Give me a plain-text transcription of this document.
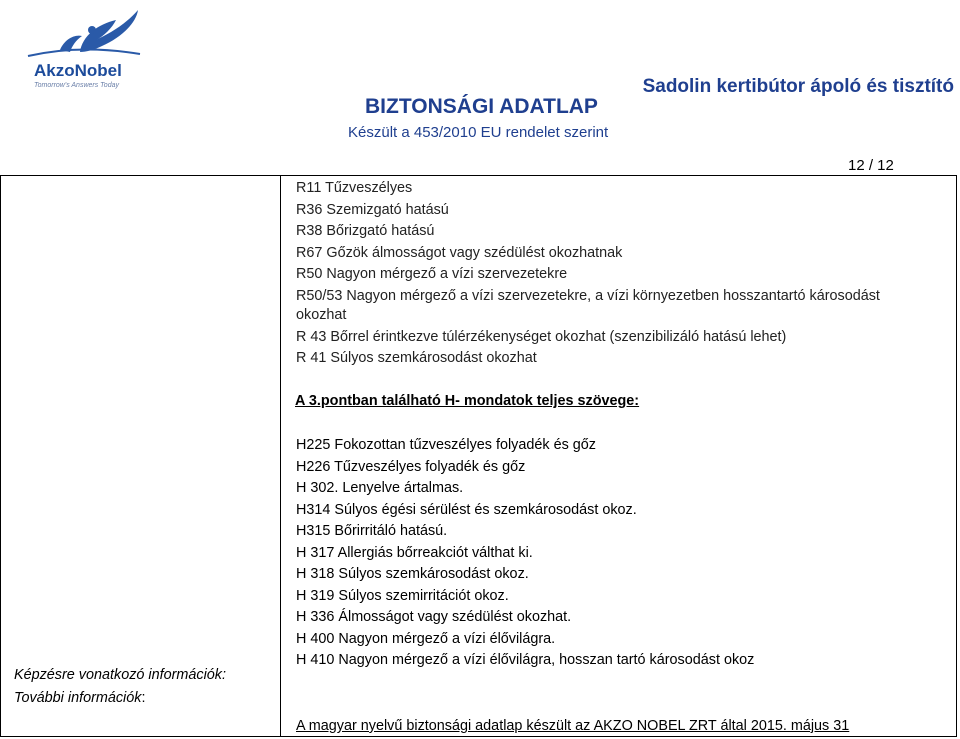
AkzoNobel
Tomorrow's Answers Today
BIZTONSÁGI ADATLAP
Készült a 453/2010 EU rendelet szerint
Sadolin kertibútor ápoló és tisztító
12 / 12
R11 Tűzveszélyes
R36 Szemizgató hatású
R38 Bőrizgató hatású
R67 Gőzök álmosságot vagy szédülést okozhatnak
R50 Nagyon mérgező a vízi szervezetekre
R50/53 Nagyon mérgező a vízi szervezetekre, a vízi környezetben hosszantartó károsodást
okozhat
R 43 Bőrrel érintkezve túlérzékenységet okozhat (szenzibilizáló hatású lehet)
R 41 Súlyos szemkárosodást okozhat
A 3.pontban található H- mondatok teljes szövege:
H225 Fokozottan tűzveszélyes folyadék és gőz
H226 Tűzveszélyes folyadék és gőz
H 302. Lenyelve ártalmas.
H314 Súlyos égési sérülést és szemkárosodást okoz.
H315 Bőrirritáló hatású.
H 317 Allergiás bőrreakciót válthat ki.
H 318 Súlyos szemkárosodást okoz.
H 319 Súlyos szemirritációt okoz.
H 336 Álmosságot vagy szédülést okozhat.
H 400 Nagyon mérgező a vízi élővilágra.
H 410 Nagyon mérgező a vízi élővilágra, hosszan tartó károsodást okoz
Képzésre vonatkozó információk:
További információk:
A magyar nyelvű biztonsági adatlap készült az AKZO NOBEL ZRT által 2015. május 31
